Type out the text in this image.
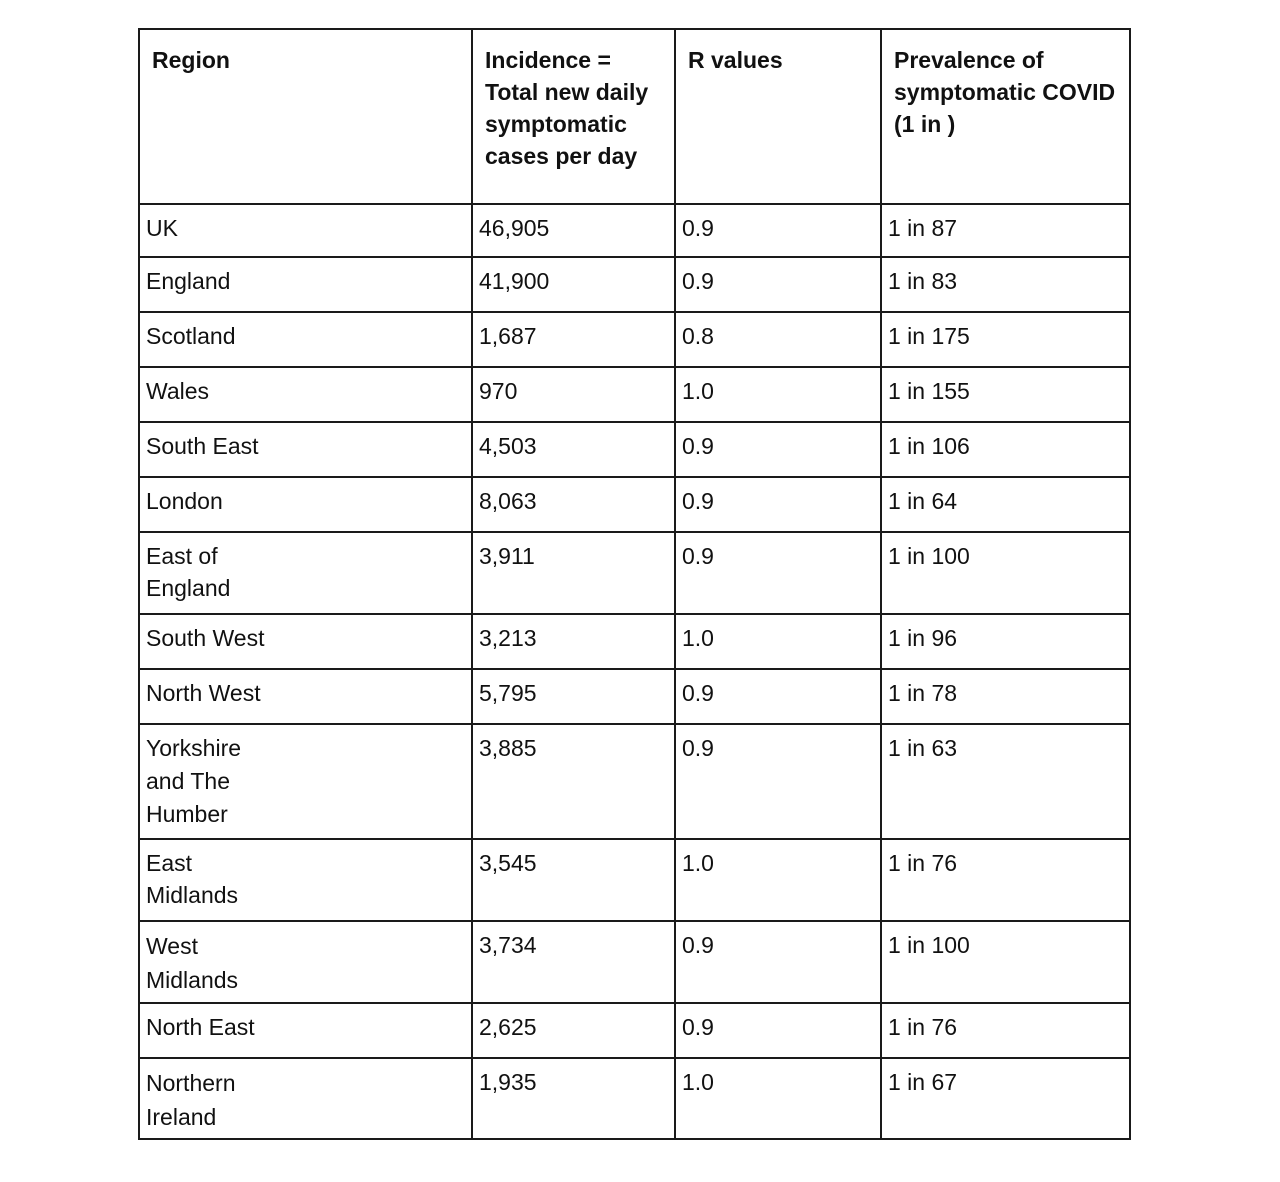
Region	Incidence = Total new daily symptomatic cases per day	R values	Prevalence of symptomatic COVID (1 in )

UK	46,905	0.9	1 in 87

England	41,900	0.9	1 in 83

Scotland	1,687	0.8	1 in 175

Wales	970	1.0	1 in 155

South East	4,503	0.9	1 in 106

London	8,063	0.9	1 in 64

East of England	3,911	0.9	1 in 100

South West	3,213	1.0	1 in 96

North West	5,795	0.9	1 in 78

Yorkshire and The Humber	3,885	0.9	1 in 63

East Midlands	3,545	1.0	1 in 76

West Midlands	3,734	0.9	1 in 100

North East	2,625	0.9	1 in 76

Northern Ireland	1,935	1.0	1 in 67
